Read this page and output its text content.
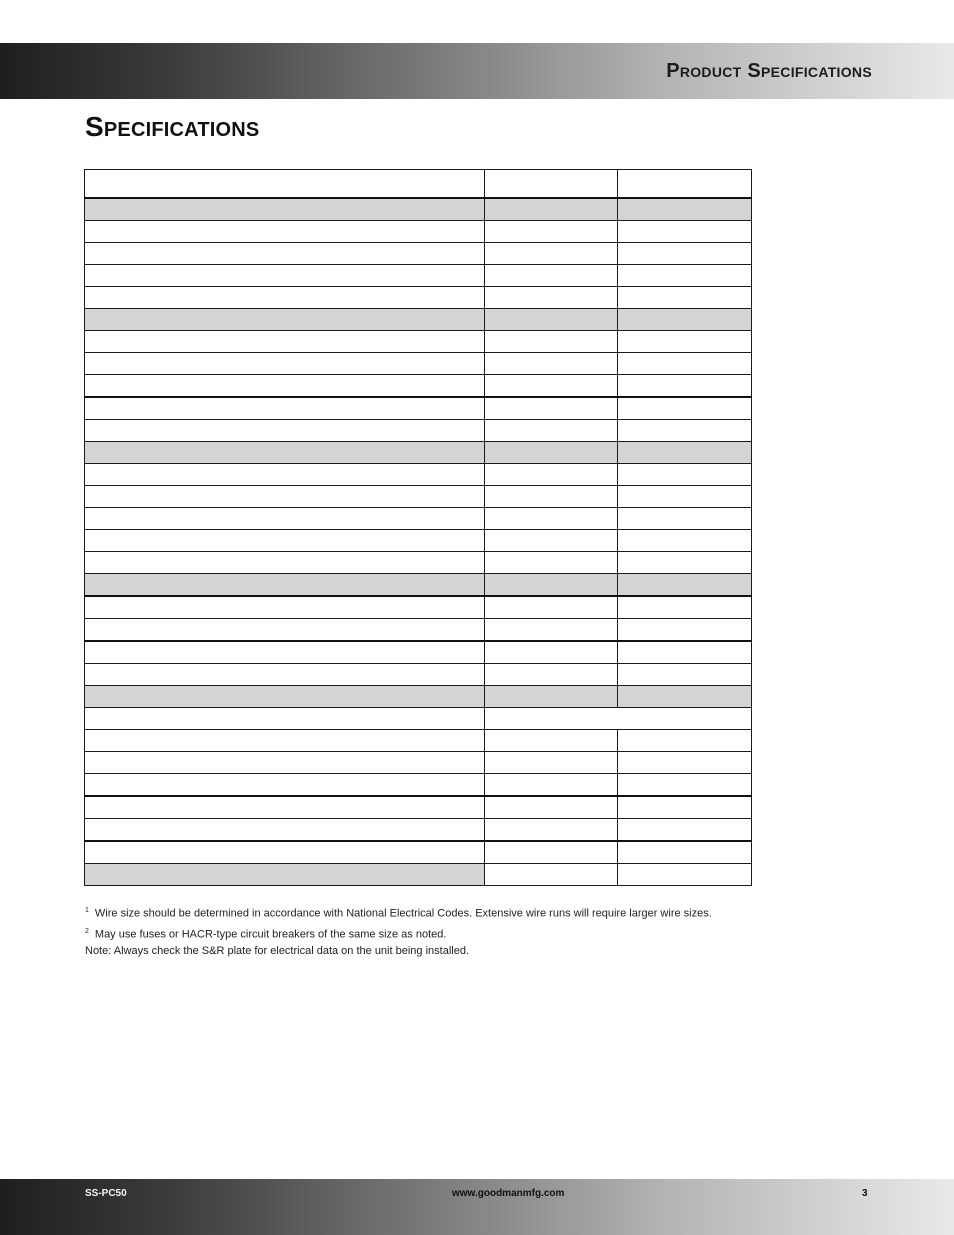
Product Specifications
Specifications

$^1$ Wire size should be determined in accordance with National Electrical Codes. Extensive wire runs will require larger wire sizes.
$^2$ May use fuses or HACR-type circuit breakers of the same size as noted.
Note: Always check the S&R plate for electrical data on the unit being installed.
SS-PC50	www.goodmanmfg.com	3
